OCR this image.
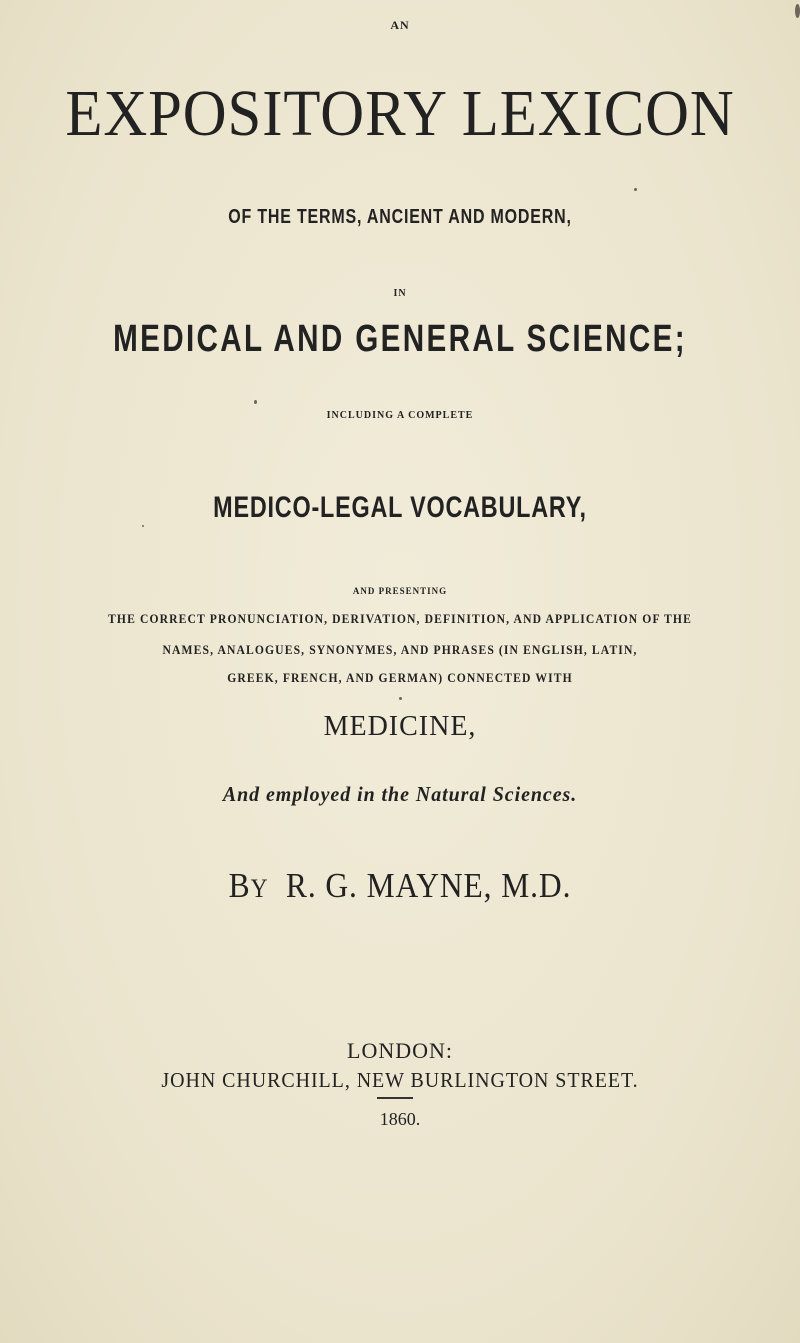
AN
EXPOSITORY LEXICON
OF THE TERMS, ANCIENT AND MODERN,
IN
MEDICAL AND GENERAL SCIENCE;
INCLUDING A COMPLETE
MEDICO-LEGAL VOCABULARY,
AND PRESENTING
THE CORRECT PRONUNCIATION, DERIVATION, DEFINITION, AND APPLICATION OF THE
NAMES, ANALOGUES, SYNONYMES, AND PHRASES (IN ENGLISH, LATIN,
GREEK, FRENCH, AND GERMAN) CONNECTED WITH
MEDICINE,
And employed in the Natural Sciences.
BY R. G. MAYNE, M.D.
LONDON:
JOHN CHURCHILL, NEW BURLINGTON STREET.
1860.
